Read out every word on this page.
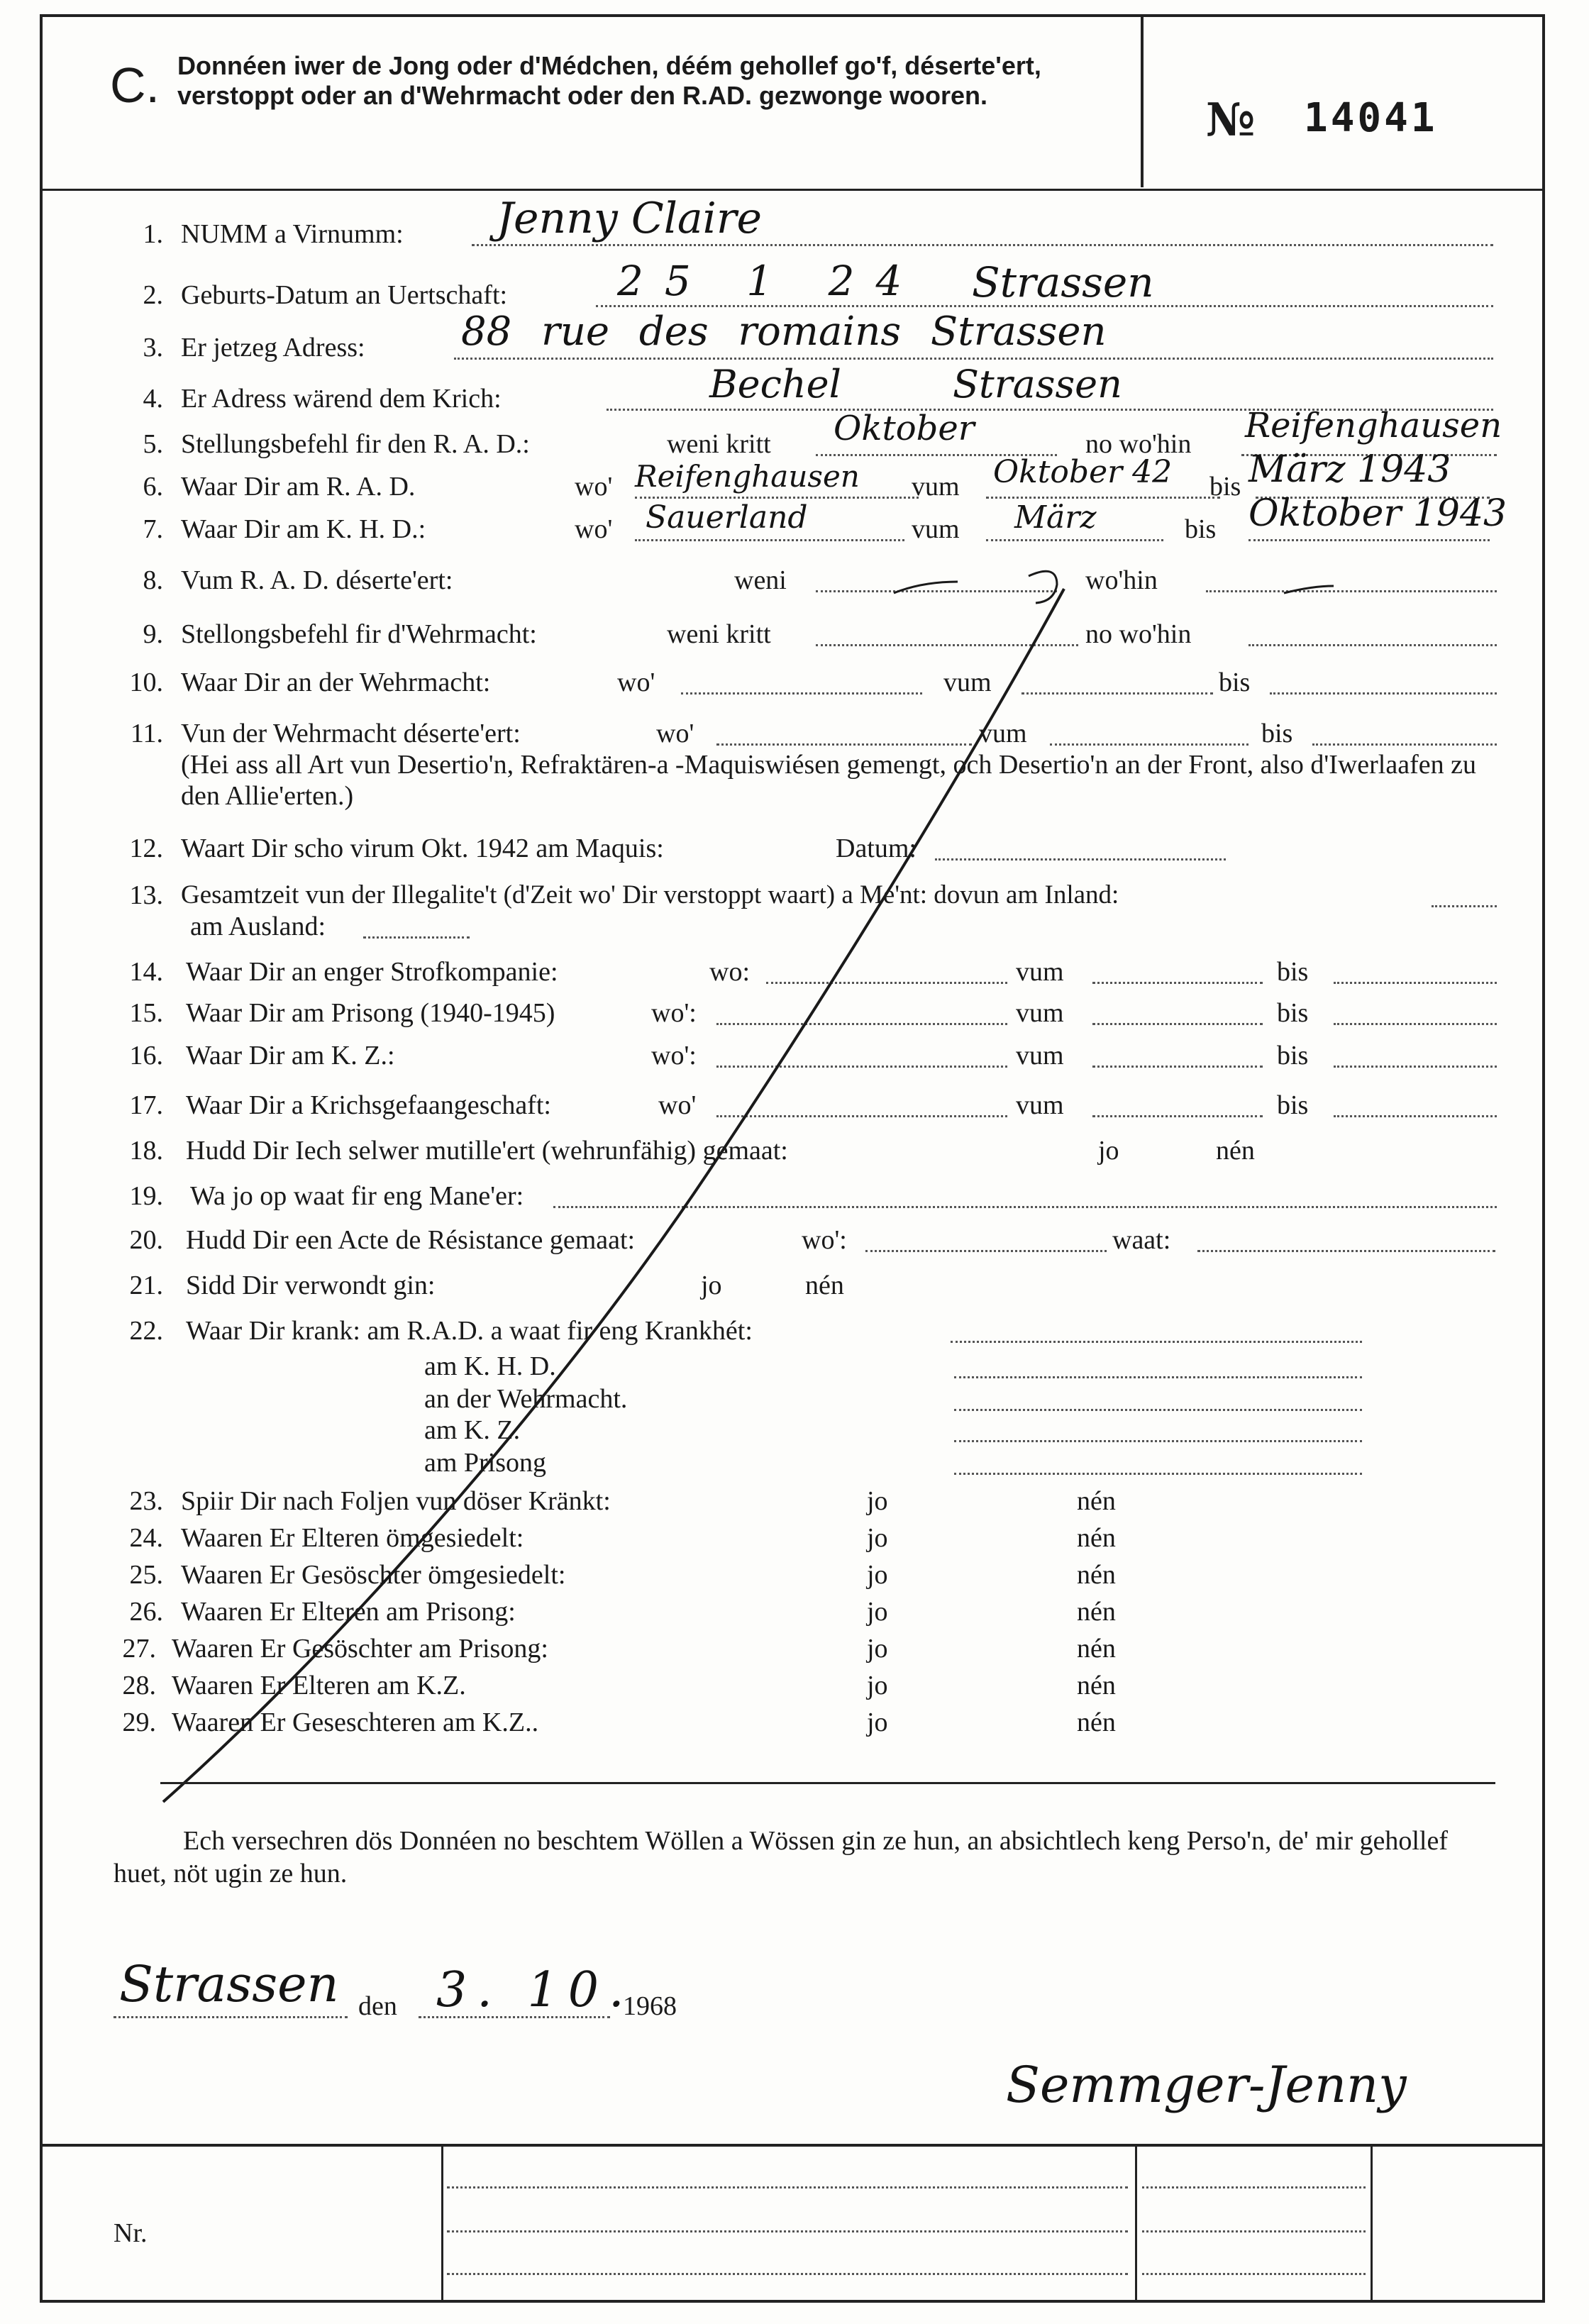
C. Donnéen iwer de Jong oder d'Médchen, déém gehollef go'f, déserte'ert, verstoppt oder an d'Wehrmacht oder den R.AD. gezwonge wooren.	№ 14041
1. NUMM a Virnumm: Jenny Claire
2. Geburts-Datum an Uertschaft:	25 1 24 Strassen
3. Er jetzeg Adress: 88 rue des romains Strassen
4. Er Adress wärend dem Krich:	Bechel Strassen
5. Stellungsbefehl fir den R. A. D.:	weni kritt Oktober	no wo'hin Reifenghausen
6. Waar Dir am R. A. D.	wo' Reifenghausen vum Oktober 42 bis März 1943
7. Waar Dir am K. H. D.:	wo' Sauerland	vum März	bis Oktober 1943
8. Vum R. A. D. déserte'ert:	weni	wo'hin
9. Stellongsbefehl fir d'Wehrmacht:	weni kritt	no wo'hin
10. Waar Dir an der Wehrmacht:	wo'	vum	bis
11. Vun der Wehrmacht déserte'ert:	wo'	vum	bis
(Hei ass all Art vun Desertio'n, Refraktären-a -Maquiswiésen gemengt, och Desertio'n an der Front, also d'Iwerlaafen zu den Allie'erten.)
12. Waart Dir scho virum Okt. 1942 am Maquis:	Datum:
13. Gesamtzeit vun der Illegalite't (d'Zeit wo' Dir verstoppt waart) a Me'nt: dovun am Inland:
am Ausland:
14. Waar Dir an enger Strofkompanie:	wo:	vum	bis
15. Waar Dir am Prisong (1940-1945)	wo':	vum	bis
16. Waar Dir am K. Z.:	wo':	vum	bis
17. Waar Dir a Krichsgefaangeschaft:	wo'	vum	bis
18. Hudd Dir Iech selwer mutille'ert (wehrunfähig) gemaat:	jo	nén
19. Wa jo op waat fir eng Mane'er:
20. Hudd Dir een Acte de Résistance gemaat:	wo':	waat:
21. Sidd Dir verwondt gin:	jo	nén
22. Waar Dir krank: am R.A.D. a waat fir eng Krankhét:
am K. H. D.
an der Wehrmacht.
am K. Z.
am Prisong
23. Spiir Dir nach Foljen vun döser Kränkt:	jo	nén
24. Waaren Er Elteren ömgesiedelt:	jo	nén
25. Waaren Er Gesöschter ömgesiedelt:	jo	nén
26. Waaren Er Elteren am Prisong:	jo	nén
27. Waaren Er Gesöschter am Prisong:	jo	nén
28. Waaren Er Elteren am K.Z.	jo	nén
29. Waaren Er Geseschteren am K.Z..	jo	nén
Ech versechren dös Donnéen no beschtem Wöllen a Wössen gin ze hun, an absichtlech keng Perso'n, de' mir gehollef huet, nöt ugin ze hun.
Strassen den 3. 10.
1968
Semmger-Jenny
Nr.
